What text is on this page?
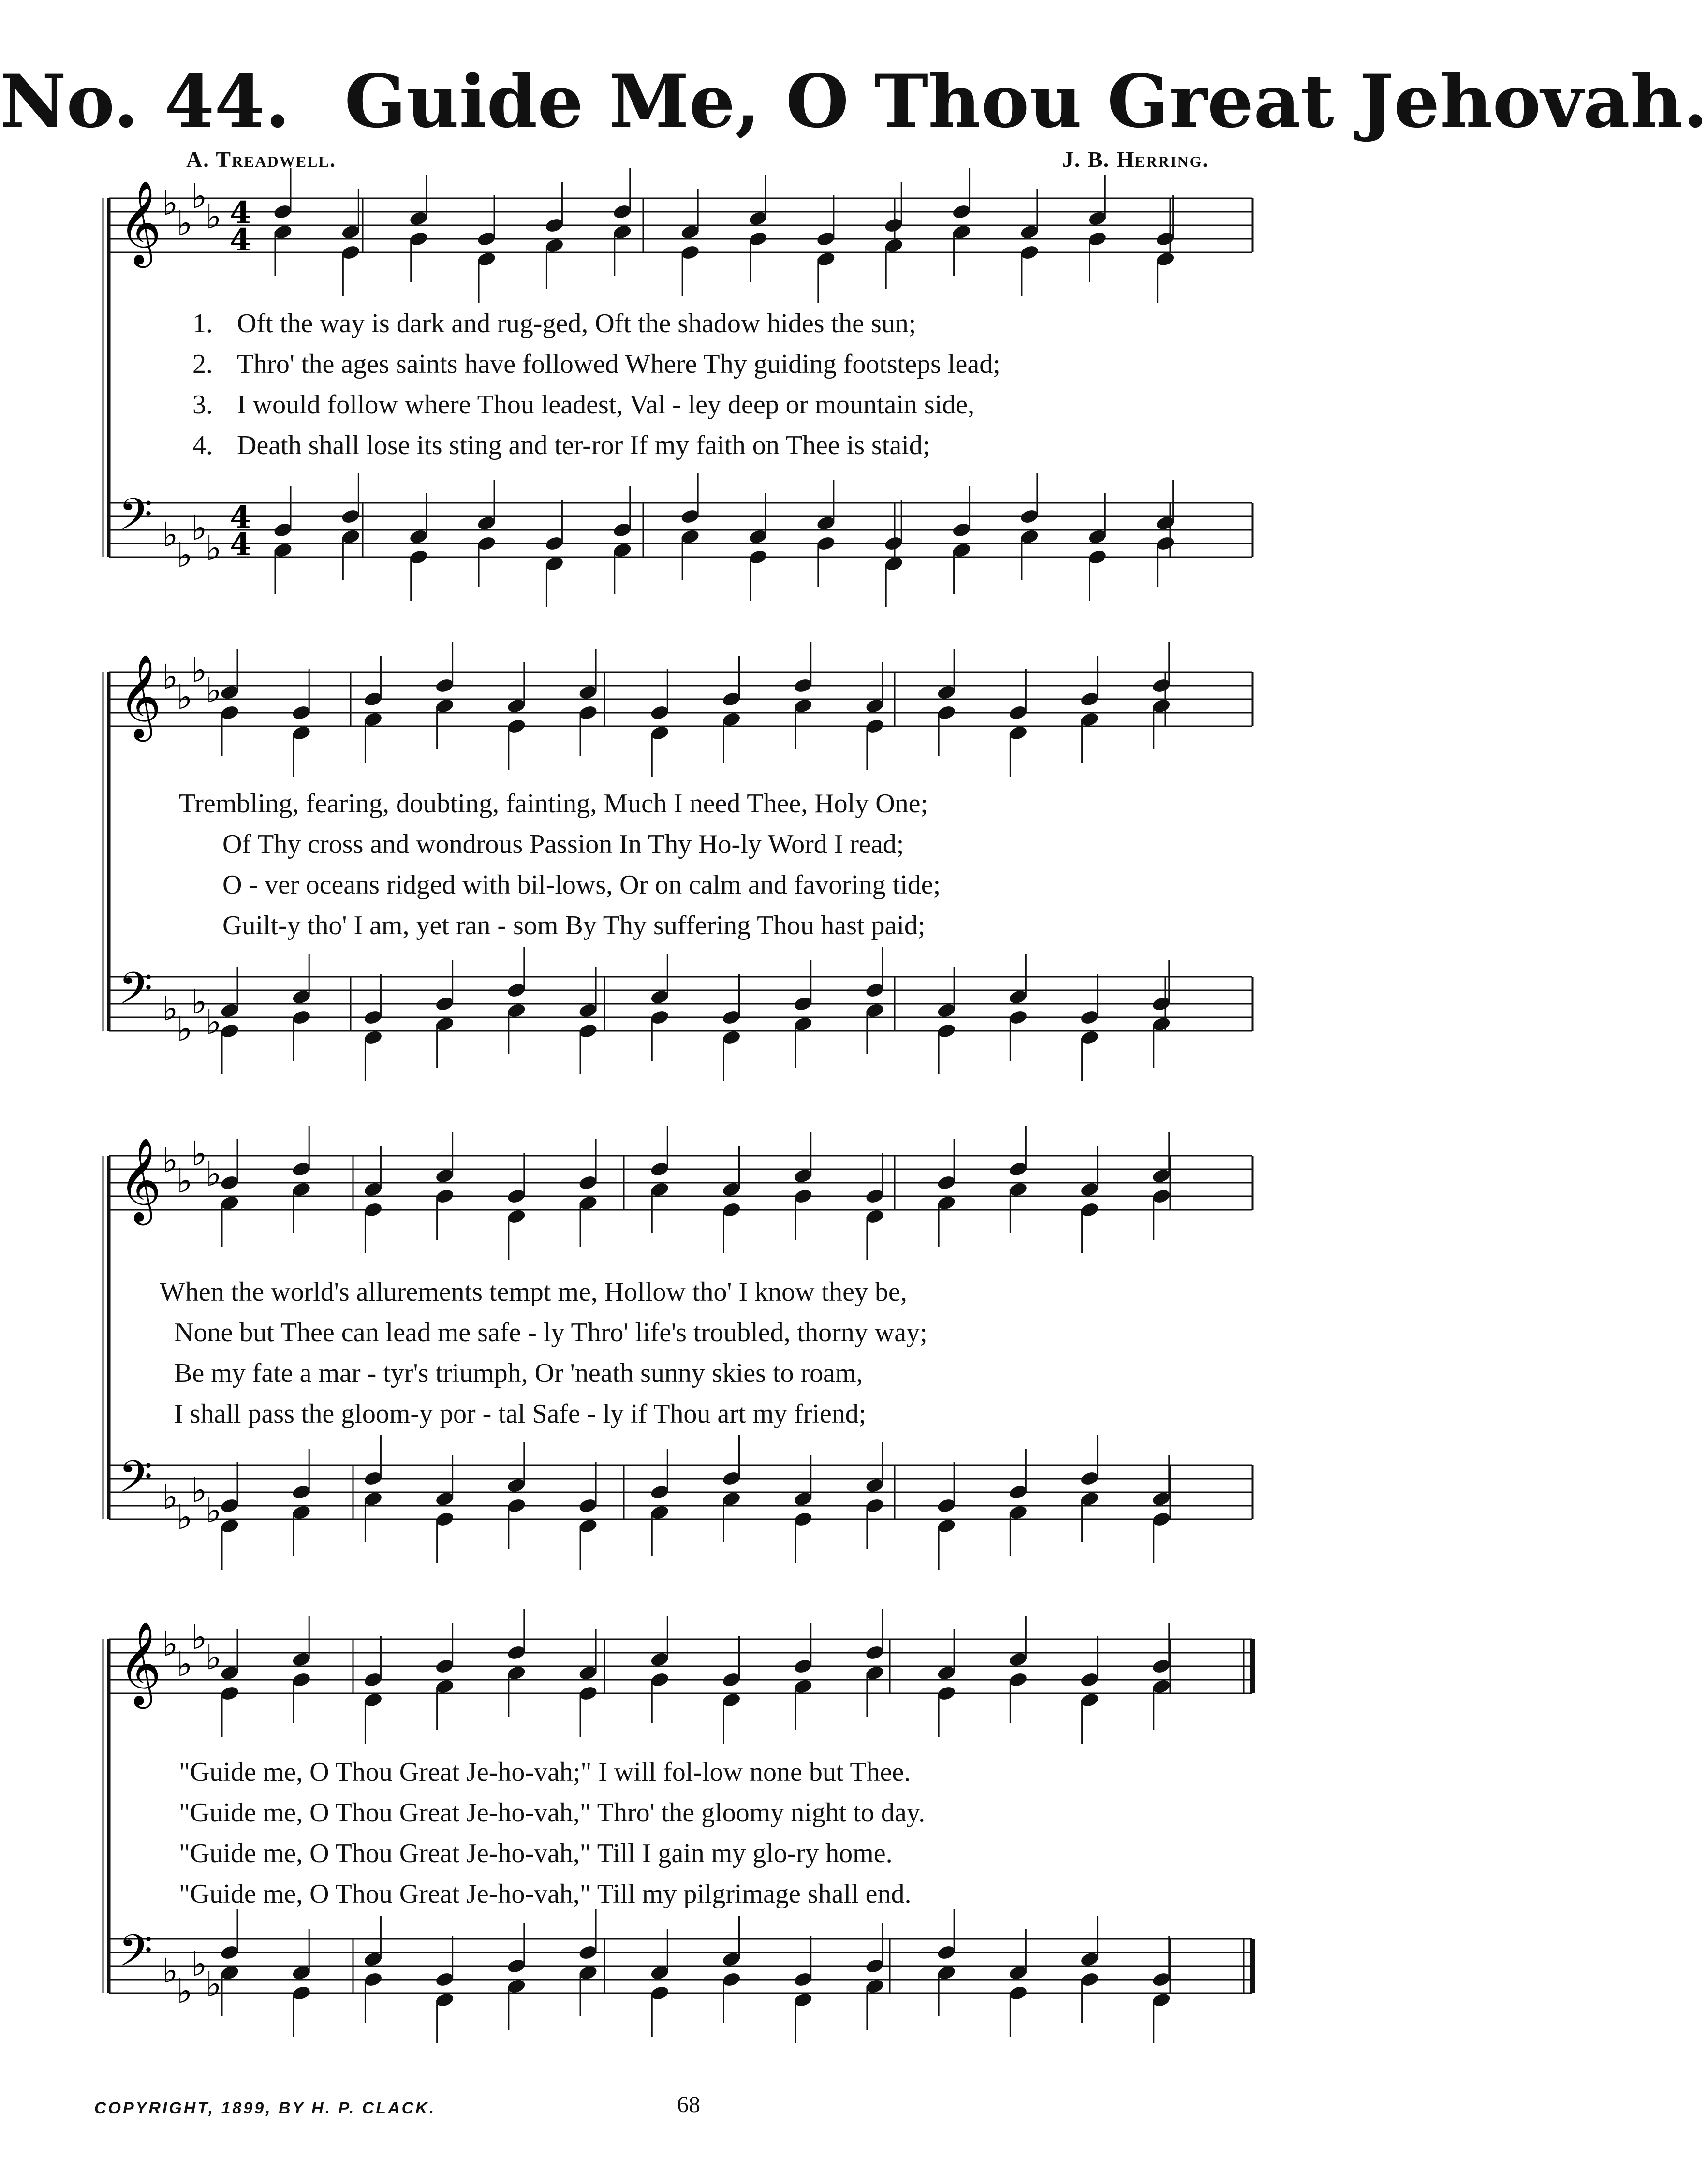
No. 44. Guide Me, O Thou Great Jehovah.
A. Treadwell.	J. B. Herring.
𝄞 ♭
♭
♭
♭ 4
4
𝄢 ♭
♭
♭
♭
4
4
𝄞 ♭
♭
♭
♭
𝄢 ♭
♭
♭
♭
𝄞 ♭
♭
♭
♭
𝄢 ♭
♭
♭
♭
𝄞 ♭
♭
♭
♭
𝄢 ♭
♭
♭
♭
1. Oft the way is dark and rug-ged, Oft the shadow hides the sun;
2. Thro' the ages saints have followed Where Thy guiding footsteps lead;
3. I would follow where Thou leadest, Val - ley deep or mountain side,
4. Death shall lose its sting and ter-ror If my faith on Thee is staid;
Trembling, fearing, doubting, fainting, Much I need Thee, Holy One;
Of Thy cross and wondrous Passion In Thy Ho-ly Word I read;
O - ver oceans ridged with bil-lows, Or on calm and favoring tide;
Guilt-y tho' I am, yet ran - som By Thy suffering Thou hast paid;
When the world's allurements tempt me, Hollow tho' I know they be,
None but Thee can lead me safe - ly Thro' life's troubled, thorny way;
Be my fate a mar - tyr's triumph, Or 'neath sunny skies to roam,
I shall pass the gloom-y por - tal Safe - ly if Thou art my friend;
"Guide me, O Thou Great Je-ho-vah;" I will fol-low none but Thee.
"Guide me, O Thou Great Je-ho-vah," Thro' the gloomy night to day.
"Guide me, O Thou Great Je-ho-vah," Till I gain my glo-ry home.
"Guide me, O Thou Great Je-ho-vah," Till my pilgrimage shall end.
COPYRIGHT, 1899, BY H. P. CLACK.	68
